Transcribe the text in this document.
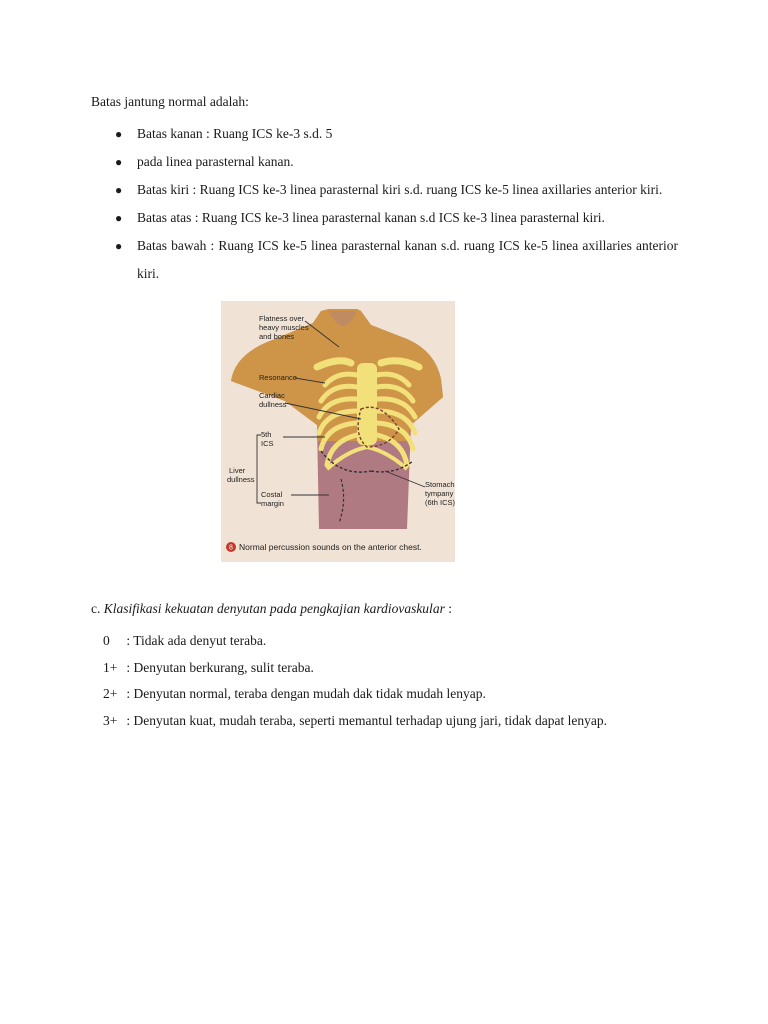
Batas jantung normal adalah:
● Batas kanan : Ruang ICS ke-3 s.d. 5
● pada linea parasternal kanan.
● Batas kiri : Ruang ICS ke-3 linea parasternal kiri s.d. ruang ICS ke-5 linea axillaries anterior kiri.
● Batas atas : Ruang ICS ke-3 linea parasternal kanan s.d ICS ke-3 linea parasternal kiri.
● Batas bawah : Ruang ICS ke-5 linea parasternal kanan s.d. ruang ICS ke-5 linea axillaries anterior kiri.
Flatness over heavy muscles and bones
Resonance
Cardiac dullness
5th ICS
Liver dullness
Costal margin
Stomach tympany (6th ICS)
8 Normal percussion sounds on the anterior chest.
c. Klasifikasi kekuatan denyutan pada pengkajian kardiovaskular :
0 : Tidak ada denyut teraba.
1+ : Denyutan berkurang, sulit teraba.
2+ : Denyutan normal, teraba dengan mudah dak tidak mudah lenyap.
3+ : Denyutan kuat, mudah teraba, seperti memantul terhadap ujung jari, tidak dapat lenyap.
